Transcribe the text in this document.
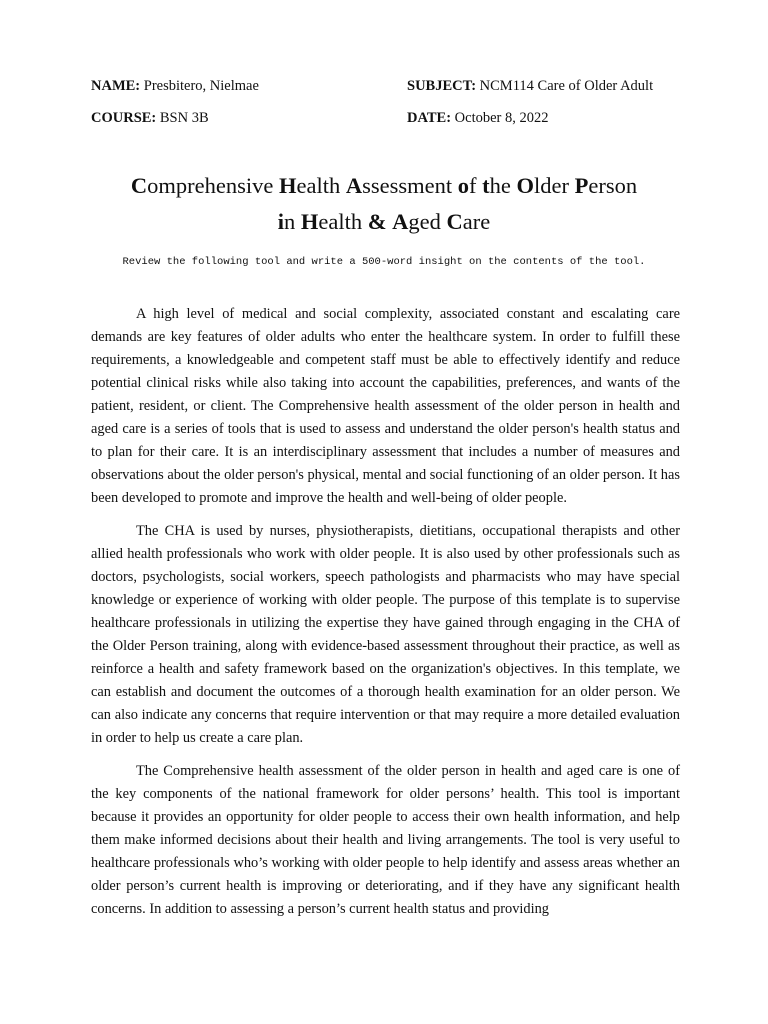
NAME: Presbitero, Nielmae	SUBJECT: NCM114 Care of Older Adult
COURSE: BSN 3B	DATE: October 8, 2022
Comprehensive Health Assessment of the Older Person
in Health & Aged Care
Review the following tool and write a 500-word insight on the contents of the tool.

A high level of medical and social complexity, associated constant and escalating care demands are key features of older adults who enter the healthcare system. In order to fulfill these requirements, a knowledgeable and competent staff must be able to effectively identify and reduce potential clinical risks while also taking into account the capabilities, preferences, and wants of the patient, resident, or client. The Comprehensive health assessment of the older person in health and aged care is a series of tools that is used to assess and understand the older person's health status and to plan for their care. It is an interdisciplinary assessment that includes a number of measures and observations about the older person's physical, mental and social functioning of an older person. It has been developed to promote and improve the health and well-being of older people.

The CHA is used by nurses, physiotherapists, dietitians, occupational therapists and other allied health professionals who work with older people. It is also used by other professionals such as doctors, psychologists, social workers, speech pathologists and pharmacists who may have special knowledge or experience of working with older people. The purpose of this template is to supervise healthcare professionals in utilizing the expertise they have gained through engaging in the CHA of the Older Person training, along with evidence-based assessment throughout their practice, as well as reinforce a health and safety framework based on the organization's objectives. In this template, we can establish and document the outcomes of a thorough health examination for an older person. We can also indicate any concerns that require intervention or that may require a more detailed evaluation in order to help us create a care plan.

The Comprehensive health assessment of the older person in health and aged care is one of the key components of the national framework for older persons’ health. This tool is important because it provides an opportunity for older people to access their own health information, and help them make informed decisions about their health and living arrangements. The tool is very useful to healthcare professionals who’s working with older people to help identify and assess areas whether an older person’s current health is improving or deteriorating, and if they have any significant health concerns. In addition to assessing a person’s current health status and providing
